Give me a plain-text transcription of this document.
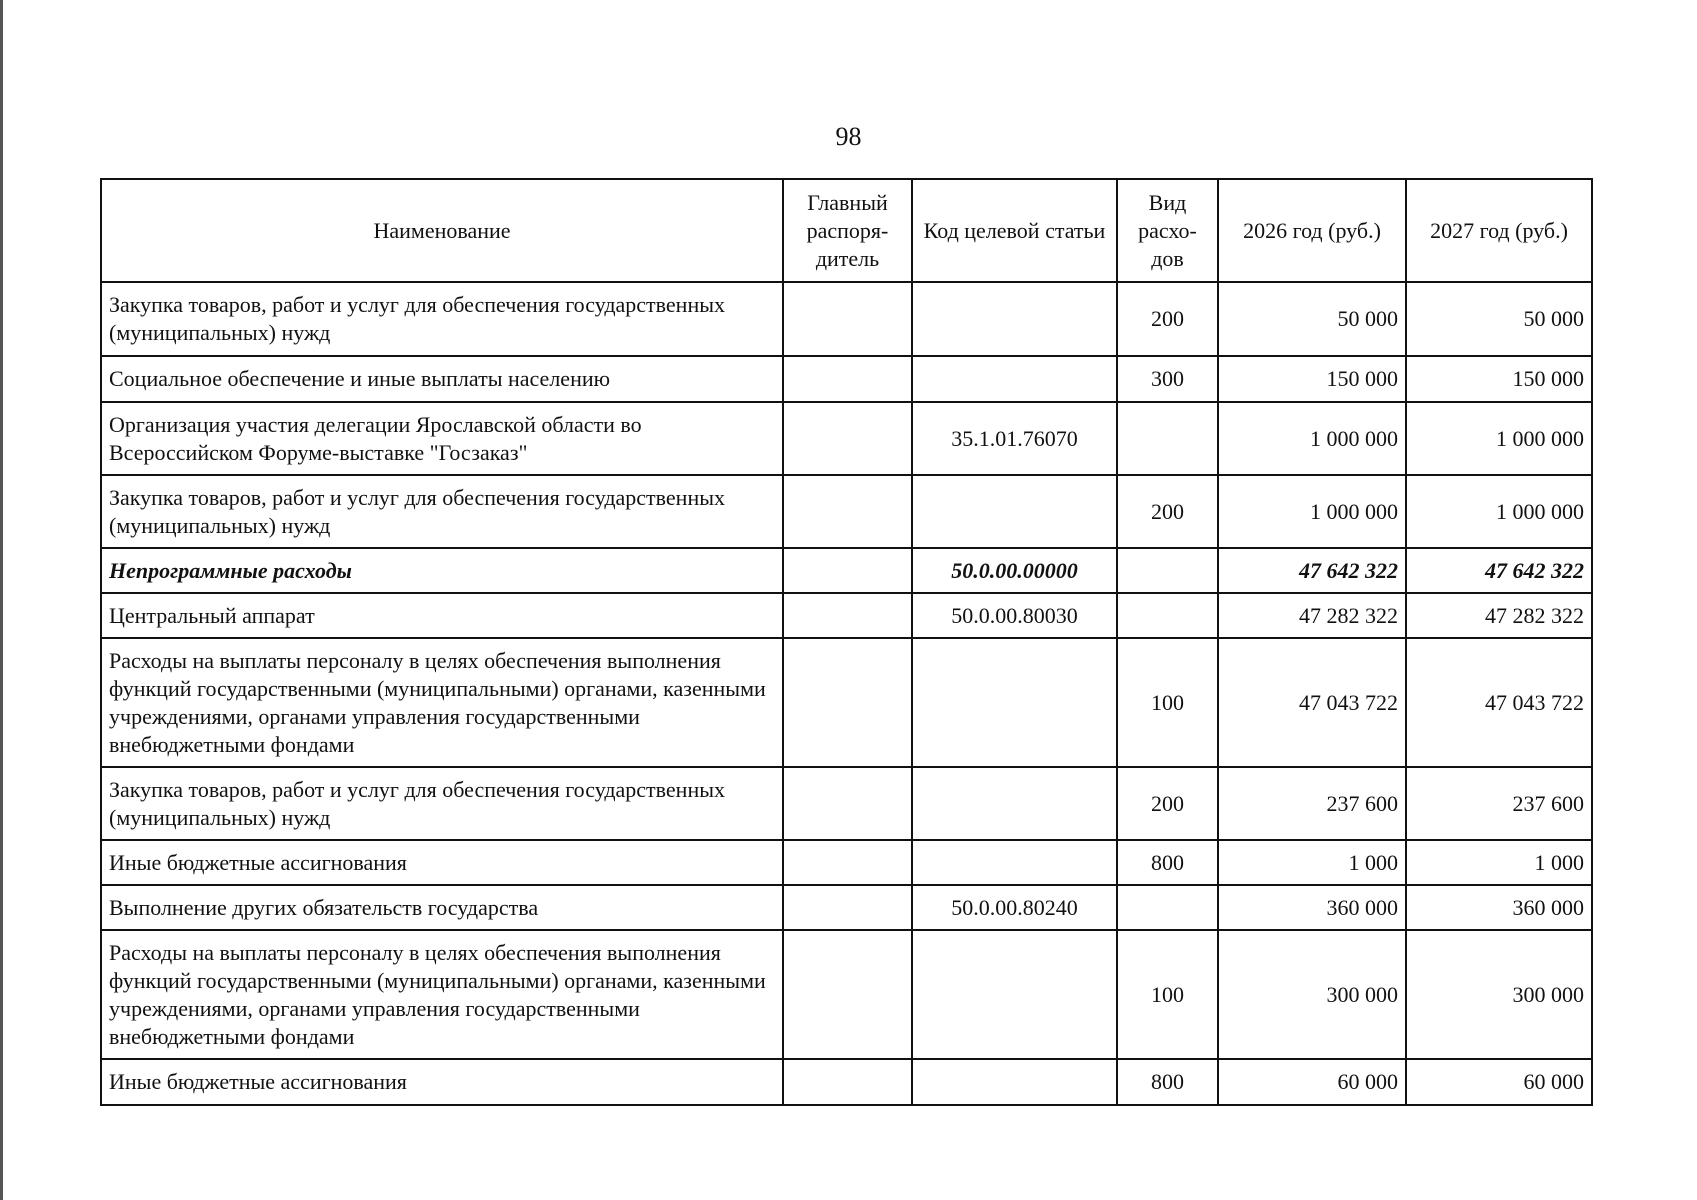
98
Наименование	Главный распоря-дитель	Код целевой статьи	Вид расхо-дов	2026 год (руб.)	2027 год (руб.)
Закупка товаров, работ и услуг для обеспечения государственных (муниципальных) нужд			200	50 000	50 000
Социальное обеспечение и иные выплаты населению			300	150 000	150 000
Организация участия делегации Ярославской области во Всероссийском Форуме-выставке "Госзаказ"		35.1.01.76070		1 000 000	1 000 000
Закупка товаров, работ и услуг для обеспечения государственных (муниципальных) нужд			200	1 000 000	1 000 000
Непрограммные расходы		50.0.00.00000		47 642 322	47 642 322
Центральный аппарат		50.0.00.80030		47 282 322	47 282 322
Расходы на выплаты персоналу в целях обеспечения выполнения функций государственными (муниципальными) органами, казенными учреждениями, органами управления государственными внебюджетными фондами			100	47 043 722	47 043 722
Закупка товаров, работ и услуг для обеспечения государственных (муниципальных) нужд			200	237 600	237 600
Иные бюджетные ассигнования			800	1 000	1 000
Выполнение других обязательств государства		50.0.00.80240		360 000	360 000
Расходы на выплаты персоналу в целях обеспечения выполнения функций государственными (муниципальными) органами, казенными учреждениями, органами управления государственными внебюджетными фондами			100	300 000	300 000
Иные бюджетные ассигнования			800	60 000	60 000
